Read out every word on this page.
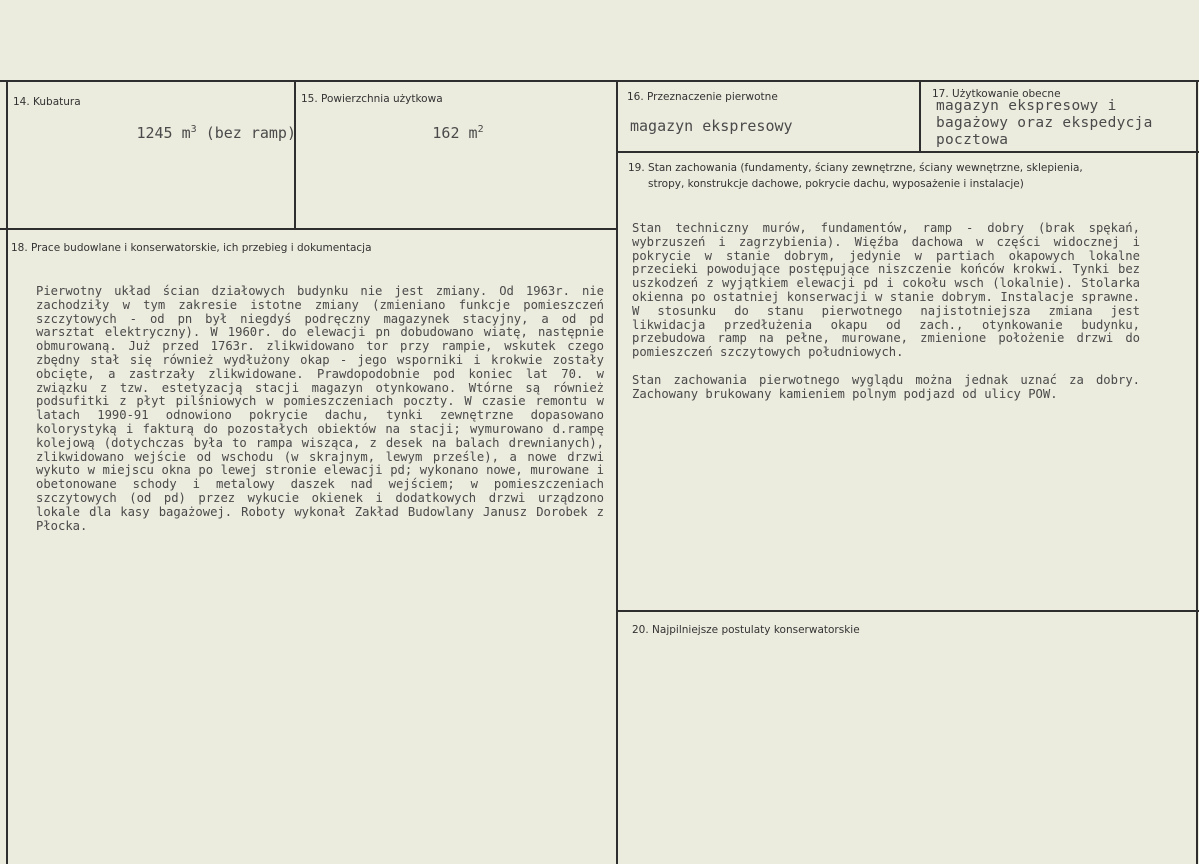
14. Kubatura
1245 $m^3$ (bez ramp)
15. Powierzchnia użytkowa
162 $m^2$
16. Przeznaczenie pierwotne
magazyn ekspresowy
17. Użytkowanie obecne
magazyn ekspresowy i bagażowy oraz ekspedycja pocztowa
18. Prace budowlane i konserwatorskie, ich przebieg i dokumentacja
Pierwotny układ ścian działowych budynku nie jest zmiany. Od 1963r. nie zachodziły w tym zakresie istotne zmiany (zmieniano funkcje pomieszczeń szczytowych - od pn był niegdyś podręczny magazynek stacyjny, a od pd warsztat elektryczny). W 1960r. do elewacji pn dobudowano wiatę, następnie obmurowaną. Już przed 1763r. zlikwidowano tor przy rampie, wskutek czego zbędny stał się również wydłużony okap - jego wsporniki i krokwie zostały obcięte, a zastrzały zlikwidowane. Prawdopodobnie pod koniec lat 70. w związku z tzw. estetyzacją stacji magazyn otynkowano. Wtórne są również podsufitki z płyt pilśniowych w pomieszczeniach poczty. W czasie remontu w latach 1990-91 odnowiono pokrycie dachu, tynki zewnętrzne dopasowano kolorystyką i fakturą do pozostałych obiektów na stacji; wymurowano d.rampę kolejową (dotychczas była to rampa wisząca, z desek na balach drewnianych), zlikwidowano wejście od wschodu (w skrajnym, lewym prześle), a nowe drzwi wykuto w miejscu okna po lewej stronie elewacji pd; wykonano nowe, murowane i obetonowane schody i metalowy daszek nad wejściem; w pomieszczeniach szczytowych (od pd) przez wykucie okienek i dodatkowych drzwi urządzono lokale dla kasy bagażowej. Roboty wykonał Zakład Budowlany Janusz Dorobek z Płocka.
19. Stan zachowania (fundamenty, ściany zewnętrzne, ściany wewnętrzne, sklepienia,
stropy, konstrukcje dachowe, pokrycie dachu, wyposażenie i instalacje)

Stan techniczny murów, fundamentów, ramp - dobry (brak spękań, wybrzuszeń i zagrzybienia). Więźba dachowa w części widocznej i pokrycie w stanie dobrym, jedynie w partiach okapowych lokalne przecieki powodujące postępujące niszczenie końców krokwi. Tynki bez uszkodzeń z wyjątkiem elewacji pd i cokołu wsch (lokalnie). Stolarka okienna po ostatniej konserwacji w stanie dobrym. Instalacje sprawne. W stosunku do stanu pierwotnego najistotniejsza zmiana jest likwidacja przedłużenia okapu od zach., otynkowanie budynku, przebudowa ramp na pełne, murowane, zmienione położenie drzwi do pomieszczeń szczytowych południowych.

Stan zachowania pierwotnego wyglądu można jednak uznać za dobry. Zachowany brukowany kamieniem polnym podjazd od ulicy POW.

20. Najpilniejsze postulaty konserwatorskie
